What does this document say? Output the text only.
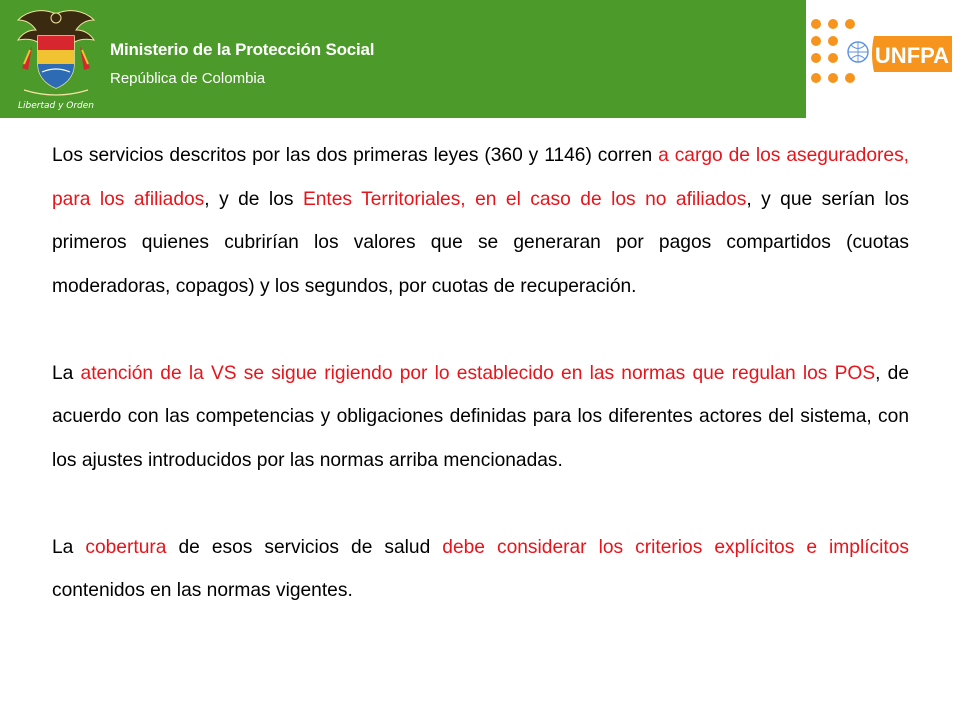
Libertad y Orden
Ministerio de la Protección Social
República de Colombia
UNFPA

Los servicios descritos por las dos primeras leyes (360 y 1146) corren a cargo de los aseguradores, para los afiliados, y de los Entes Territoriales, en el caso de los no afiliados, y que serían los primeros quienes cubrirían los valores que se generaran por pagos compartidos (cuotas moderadoras, copagos) y los segundos, por cuotas de recuperación.

La atención de la VS se sigue rigiendo por lo establecido en las normas que regulan los POS, de acuerdo con las competencias y obligaciones definidas para los diferentes actores del sistema, con los ajustes introducidos por las normas arriba mencionadas.

La cobertura de esos servicios de salud debe considerar los criterios explícitos e implícitos contenidos en las normas vigentes.
